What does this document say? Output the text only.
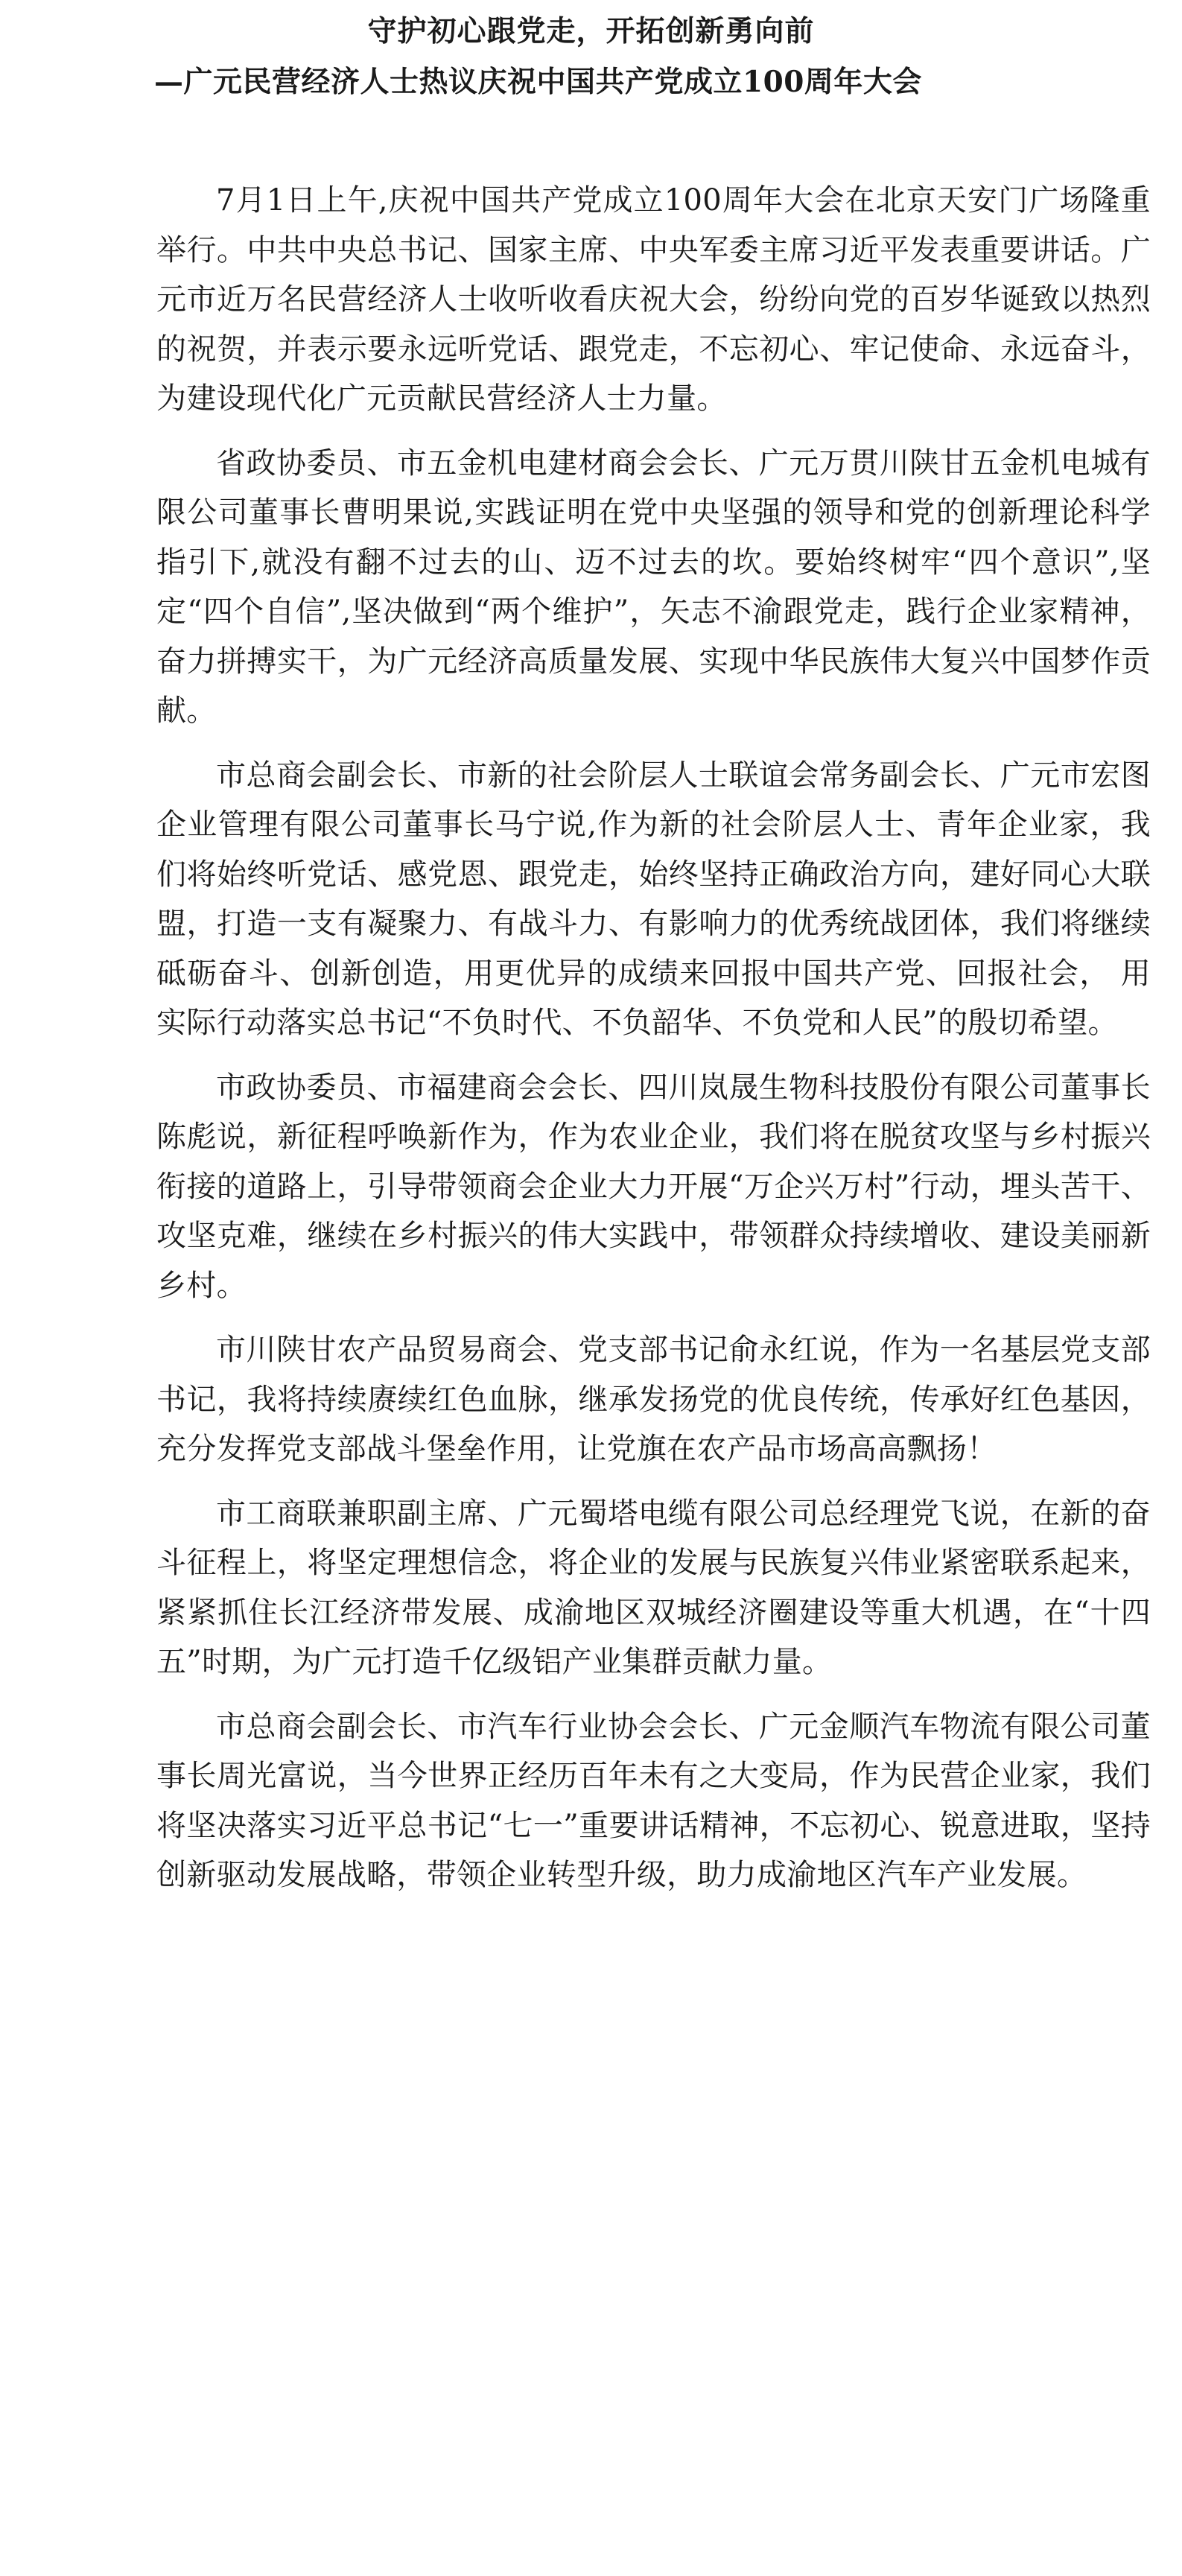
守护初心跟党走，开拓创新勇向前
—广元民营经济人士热议庆祝中国共产党成立100周年大会

7月1日上午,庆祝中国共产党成立100周年大会在北京天安门广场隆重举行。中共中央总书记、国家主席、中央军委主席习近平发表重要讲话。广元市近万名民营经济人士收听收看庆祝大会，纷纷向党的百岁华诞致以热烈的祝贺，并表示要永远听党话、跟党走，不忘初心、牢记使命、永远奋斗，为建设现代化广元贡献民营经济人士力量。

省政协委员、市五金机电建材商会会长、广元万贯川陕甘五金机电城有限公司董事长曹明果说,实践证明在党中央坚强的领导和党的创新理论科学指引下,就没有翻不过去的山、迈不过去的坎。要始终树牢“四个意识”,坚定“四个自信”,坚决做到“两个维护”，矢志不渝跟党走，践行企业家精神，奋力拼搏实干，为广元经济高质量发展、实现中华民族伟大复兴中国梦作贡献。

市总商会副会长、市新的社会阶层人士联谊会常务副会长、广元市宏图企业管理有限公司董事长马宁说,作为新的社会阶层人士、青年企业家，我们将始终听党话、感党恩、跟党走，始终坚持正确政治方向，建好同心大联盟，打造一支有凝聚力、有战斗力、有影响力的优秀统战团体，我们将继续砥砺奋斗、创新创造，用更优异的成绩来回报中国共产党、回报社会， 用实际行动落实总书记“不负时代、不负韶华、不负党和人民”的殷切希望。

市政协委员、市福建商会会长、四川岚晟生物科技股份有限公司董事长陈彪说，新征程呼唤新作为，作为农业企业，我们将在脱贫攻坚与乡村振兴衔接的道路上，引导带领商会企业大力开展“万企兴万村”行动，埋头苦干、攻坚克难，继续在乡村振兴的伟大实践中，带领群众持续增收、建设美丽新乡村。

市川陕甘农产品贸易商会、党支部书记俞永红说，作为一名基层党支部书记，我将持续赓续红色血脉，继承发扬党的优良传统，传承好红色基因，充分发挥党支部战斗堡垒作用，让党旗在农产品市场高高飘扬！

市工商联兼职副主席、广元蜀塔电缆有限公司总经理党飞说，在新的奋斗征程上，将坚定理想信念，将企业的发展与民族复兴伟业紧密联系起来，紧紧抓住长江经济带发展、成渝地区双城经济圈建设等重大机遇，在“十四五”时期，为广元打造千亿级铝产业集群贡献力量。

市总商会副会长、市汽车行业协会会长、广元金顺汽车物流有限公司董事长周光富说，当今世界正经历百年未有之大变局，作为民营企业家，我们将坚决落实习近平总书记“七一”重要讲话精神，不忘初心、锐意进取，坚持创新驱动发展战略，带领企业转型升级，助力成渝地区汽车产业发展。
